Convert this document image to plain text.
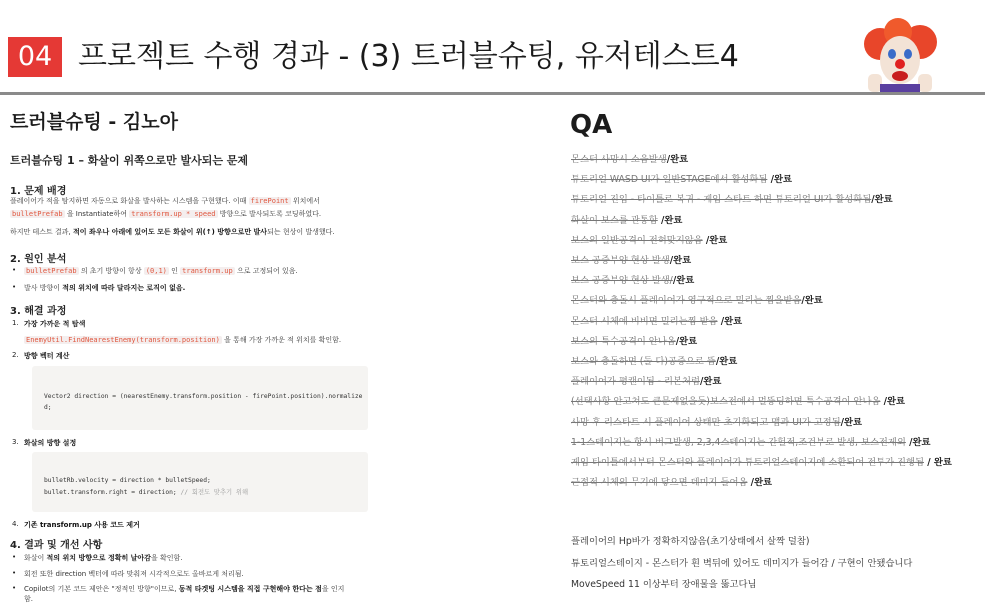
04 프로젝트 수행 경과 - (3) 트러블슈팅, 유저테스트4
트러블슈팅 - 김노아
트러블슈팅 1 – 화살이 위쪽으로만 발사되는 문제
1. 문제 배경
플레이어가 적을 탐지하면 자동으로 화살을 발사하는 시스템을 구현했다. 이때 firePoint 위치에서
bulletPrefab 을 Instantiate하여 transform.up * speed 방향으로 발사되도록 코딩하였다.
하지만 테스트 결과, 적이 좌우나 아래에 있어도 모든 화살이 위(↑) 방향으로만 발사되는 현상이 발생했다.
2. 원인 분석
• bulletPrefab 의 초기 방향이 항상 (0,1) 인 transform.up 으로 고정되어 있음.
• 발사 방향이 적의 위치에 따라 달라지는 로직이 없음.
3. 해결 과정
1. 가장 가까운 적 탐색
EnemyUtil.FindNearestEnemy(transform.position) 을 통해 가장 가까운 적 위치를 확인함.
2. 방향 벡터 계산
Vector2 direction = (nearestEnemy.transform.position - firePoint.position).normalize
d;
3. 화살의 방향 설정
bulletRb.velocity = direction * bulletSpeed;
bullet.transform.right = direction; // 회전도 맞추기 위해
4. 기존 transform.up 사용 코드 제거
4. 결과 및 개선 사항
• 화살이 적의 위치 방향으로 정확히 날아감을 확인함.
• 회전 또한 direction 벡터에 따라 맞춰져 시각적으로도 올바르게 처리됨.
• Copilot의 기본 코드 제안은 "정적인 방향"이므로, 동적 타겟팅 시스템을 직접 구현해야 한다는 점을 인지
함.
QA
몬스터 사망시 소음발생/완료
튜토리얼 WASD UI가 일반STAGE에서 활성화됨 /완료
튜토리얼 진입 - 타이틀로 복귀 - 게임 스타트 하면 튜토리얼 UI가 활성화됨/완료
화살이 보스를 관통함 /완료
보스의 일반공격이 전혀맞지않음 /완료
보스 공중부양 현상 발생/완료
보스 공중부양 현상 발생//완료
몬스터와 충돌시 플레이어가 영구적으로 밀리는 찜을받음/완료
몬스터 시체에 비비면 밀리는찜 받음 /완료
보스의 특수공격이 안나옴/완료
보스와 충돌하면 (둘 다)공중으로 뜸/완료
플레이어가 평캔이됨 - 리본처럼/완료
(선택사항 안고쳐도 큰문제없을듯)보스전에서 멀뚱딩하면 특수공격이 안나옴 /완료
사망 후 리스타트 시 플레이어 상태만 초기화되고 맵과 UI가 고정됨/완료
1-1스테이지는 항시 버그발생, 2,3,4스테이지는 간헐적,조건부로 발생, 보스전제외 /완료
게임 타이틀에서부터 몬스터와 플레이어가 튜토리얼스테이지에 소환되어 전투가 진행됨 / 완료
근접적 시체의 무기에 닿으면 데미지 들어옴 /완료
플레이어의 Hp바가 정확하지않음(초기상태에서 살짝 덜참)
튜토리얼스테이지 - 몬스터가 흰 벽뒤에 있어도 데미지가 들어감 / 구현이 안됐습니다
MoveSpeed 11 이상부터 장애물을 뚫고다님
